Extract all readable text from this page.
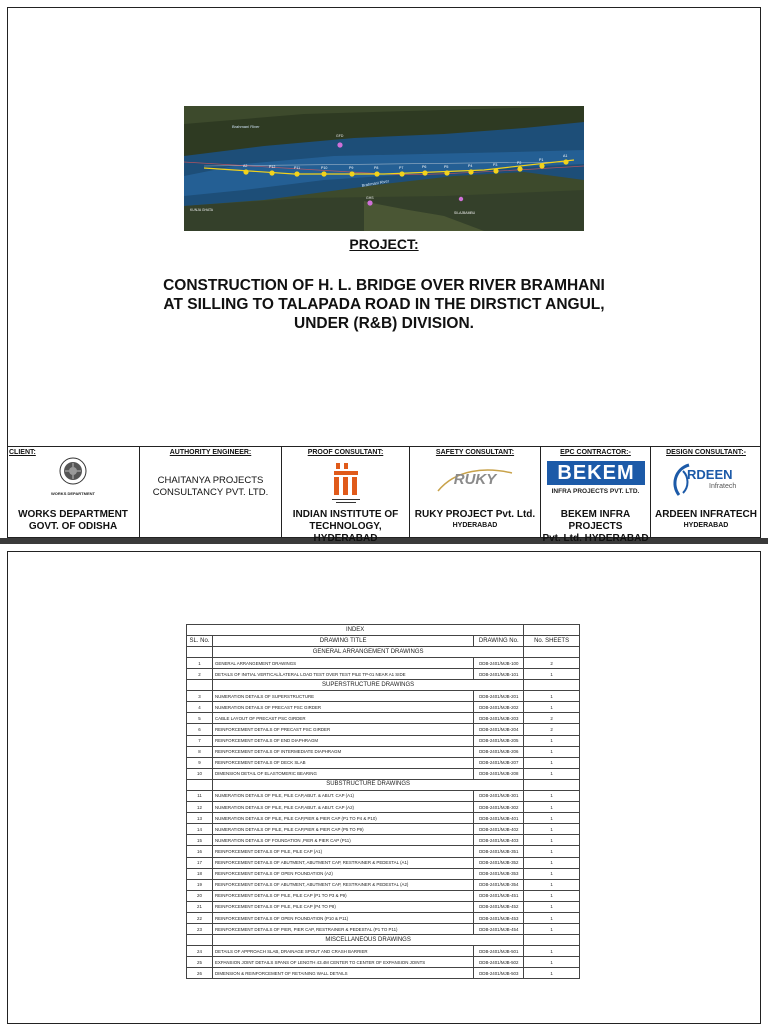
A2	P12	P11	P10	P9	P8	P7	P6	P5	P4	P3	P2
P1
A1
Brahmani River
Brahmani River
GFD
GHS
KUNJA GHATA
SILAJBAMBU
PROJECT:
CONSTRUCTION OF H. L. BRIDGE OVER RIVER BRAMHANI
AT SILLING TO TALAPADA ROAD IN THE DIRSTICT ANGUL,
UNDER (R&B) DIVISION.
CLIENT:
WORKS DEPARTMENT
WORKS DEPARTMENT
GOVT. OF ODISHA
AUTHORITY ENGINEER:
CHAITANYA PROJECTS
CONSULTANCY PVT. LTD.
PROOF CONSULTANT:
INDIAN INSTITUTE OF
TECHNOLOGY, HYDERABAD
SAFETY CONSULTANT:
RUKY
RUKY PROJECT Pvt. Ltd.
HYDERABAD
EPC CONTRACTOR:-
BEKEM
INFRA PROJECTS PVT. LTD.
BEKEM INFRA PROJECTS
Pvt. Ltd. HYDERABAD
DESIGN CONSULTANT:-
RDEEN
Infratech
ARDEEN INFRATECH
HYDERABAD
INDEX			
SL. No.	DRAWING TITLE	DRAWING No.	No. SHEETS
	GENERAL ARRANGEMENT DRAWINGS		
1	GENERAL ARRANGEMENT DRAWINGS	DDB-2401/MJB-100	2
2	DETAILS OF INITIAL VERTICAL/LATERAL LOAD TEST OVER TEST PILE TP-01 NEAR A1 SIDE	DDB-2401/MJB-101	1
	SUPERSTRUCTURE DRAWINGS		
3	NUMERATION DETAILS OF SUPERSTRUCTURE	DDB-2401/MJB-201	1
4	NUMERATION DETAILS OF PRECAST PSC GIRDER	DDB-2401/MJB-202	1
5	CABLE LAYOUT OF PRECAST PSC GIRDER	DDB-2401/MJB-203	2
6	REINFORCEMENT DETAILS OF PRECAST PSC GIRDER	DDB-2401/MJB-204	2
7	REINFORCEMENT DETAILS OF END DIAPHRAGM	DDB-2401/MJB-205	1
8	REINFORCEMENT DETAILS OF INTERMEDIATE DIAPHRAGM	DDB-2401/MJB-206	1
9	REINFORCEMENT DETAILS OF DECK SLAB	DDB-2401/MJB-207	1
10	DIMENSION DETAIL OF ELASTOMERIC BEARING	DDB-2401/MJB-208	1
	SUBSTRUCTURE DRAWINGS		
11	NUMERATION DETAILS OF PILE, PILE CAP,ABUT. & ABUT. CAP (A1)	DDB-2401/MJB-301	1
12	NUMERATION DETAILS OF PILE, PILE CAP,ABUT. & ABUT. CAP (A2)	DDB-2401/MJB-302	1
13	NUMERATION DETAILS OF PILE, PILE CAP,PIER & PIER CAP (P1 TO P4 & P10)	DDB-2401/MJB-401	1
14	NUMERATION DETAILS OF PILE, PILE CAP,PIER & PIER CAP (P5 TO P9)	DDB-2401/MJB-402	1
15	NUMERATION DETAILS OF FOUNDATION ,PIER & PIER CAP (P11)	DDB-2401/MJB-403	1
16	REINFORCEMENT DETAILS OF PILE, PILE CAP (A1)	DDB-2401/MJB-351	1
17	REINFORCEMENT DETAILS OF ABUTMENT, ABUTMENT CAP, RESTRAINER & PEDESTAL (A1)	DDB-2401/MJB-352	1
18	REINFORCEMENT DETAILS OF OPEN FOUNDATION (A2)	DDB-2401/MJB-353	1
19	REINFORCEMENT DETAILS OF ABUTMENT, ABUTMENT CAP, RESTRAINER & PEDESTAL (A2)	DDB-2401/MJB-354	1
20	REINFORCEMENT DETAILS OF PILE, PILE CAP (P1 TO P3 & P9)	DDB-2401/MJB-451	1
21	REINFORCEMENT DETAILS OF PILE, PILE CAP (P4 TO P8)	DDB-2401/MJB-452	1
22	REINFORCEMENT DETAILS OF OPEN FOUNDATION (P10 & P11)	DDB-2401/MJB-453	1
23	REINFORCEMENT DETAILS OF PIER, PIER CAP, RESTRAINER & PEDESTAL (P1 TO P11)	DDB-2401/MJB-454	1
	MISCELLANEOUS DRAWINGS		
24	DETAILS OF APPROACH SLAB, DRAINAGE SPOUT AND CRASH BARRIER	DDB-2401/MJB-501	1
25	EXPANSION JOINT DETAILS SPANS OF LENGTH 43.4M CENTER TO CENTER OF EXPANSION JOINTS	DDB-2401/MJB-502	1
26	DIMENSION & REINFORCEMENT OF RETAINING WALL DETAILS	DDB-2401/MJB-503	1
